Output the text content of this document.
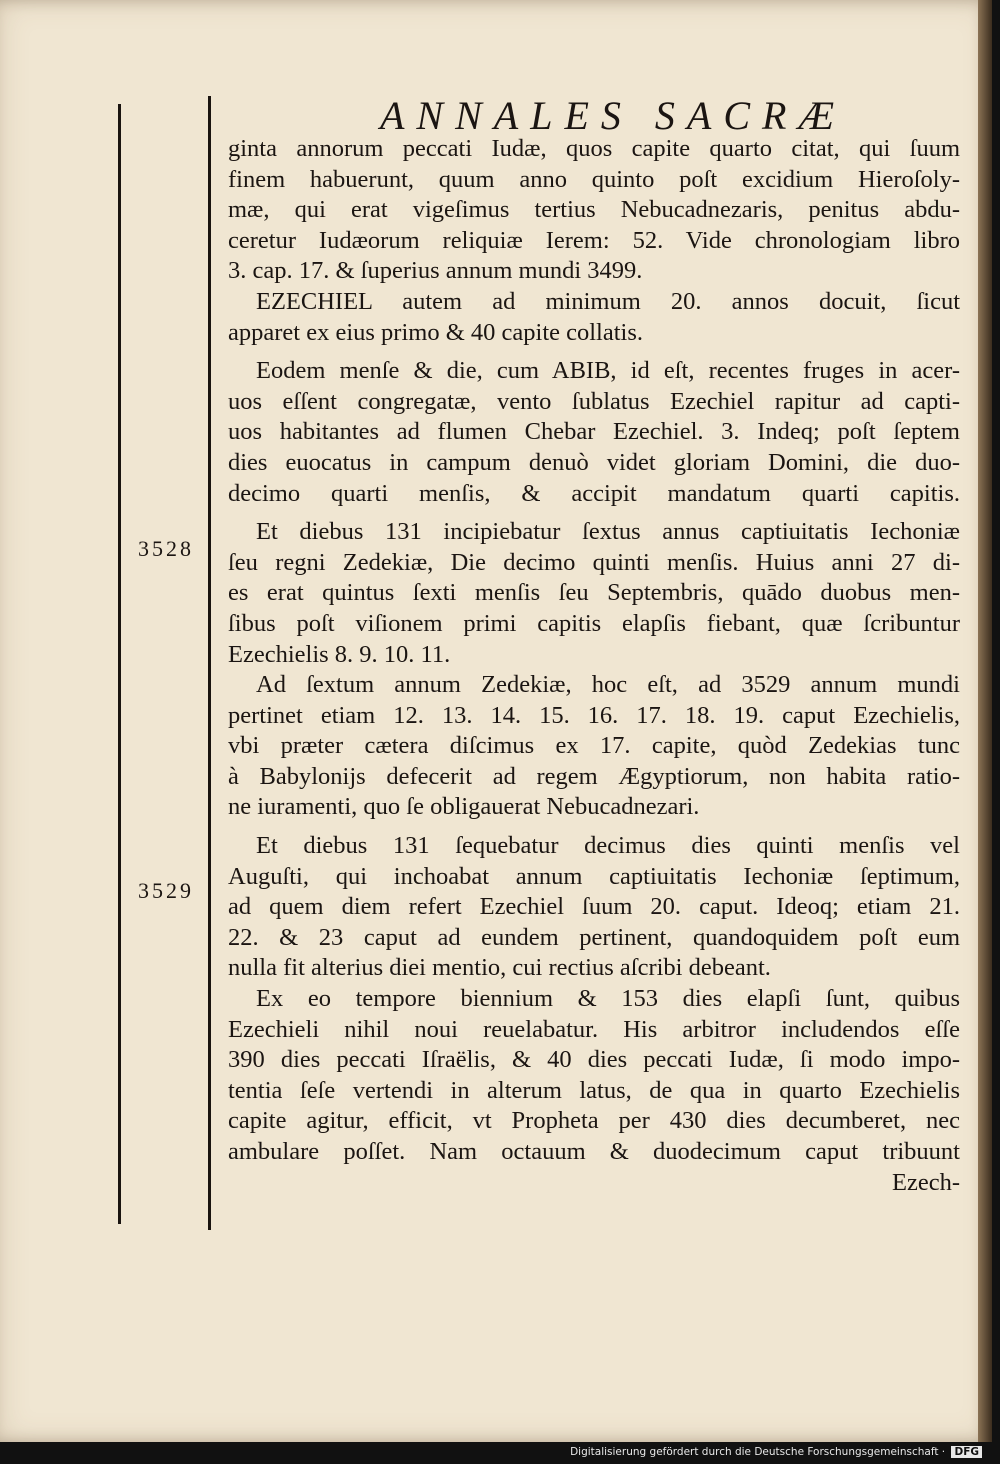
ANNALES SACRÆ
3528
3529
ginta annorum peccati Iudæ, quos capite quarto citat, qui ſuum
finem habuerunt, quum anno quinto poſt excidium Hieroſoly-
mæ, qui erat vigeſimus tertius Nebucadnezaris, penitus abdu-
ceretur Iudæorum reliquiæ Ierem: 52. Vide chronologiam libro
3. cap. 17. & ſuperius annum mundi 3499.
EZECHIEL autem ad minimum 20. annos docuit, ſicut
apparet ex eius primo & 40 capite collatis.
Eodem menſe & die, cum ABIB, id eſt, recentes fruges in acer-
uos eſſent congregatæ, vento ſublatus Ezechiel rapitur ad capti-
uos habitantes ad flumen Chebar Ezechiel. 3. Indeq; poſt ſeptem
dies euocatus in campum denuò videt gloriam Domini, die duo-
decimo quarti menſis, & accipit mandatum quarti capitis.
Et diebus 131 incipiebatur ſextus annus captiuitatis Iechoniæ
ſeu regni Zedekiæ, Die decimo quinti menſis. Huius anni 27 di-
es erat quintus ſexti menſis ſeu Septembris, quādo duobus men-
ſibus poſt viſionem primi capitis elapſis fiebant, quæ ſcribuntur
Ezechielis 8. 9. 10. 11.
Ad ſextum annum Zedekiæ, hoc eſt, ad 3529 annum mundi
pertinet etiam 12. 13. 14. 15. 16. 17. 18. 19. caput Ezechielis,
vbi præter cætera diſcimus ex 17. capite, quòd Zedekias tunc
à Babylonijs defecerit ad regem Ægyptiorum, non habita ratio-
ne iuramenti, quo ſe obligauerat Nebucadnezari.
Et diebus 131 ſequebatur decimus dies quinti menſis vel
Auguſti, qui inchoabat annum captiuitatis Iechoniæ ſeptimum,
ad quem diem refert Ezechiel ſuum 20. caput. Ideoq; etiam 21.
22. & 23 caput ad eundem pertinent, quandoquidem poſt eum
nulla fit alterius diei mentio, cui rectius aſcribi debeant.
Ex eo tempore biennium & 153 dies elapſi ſunt, quibus
Ezechieli nihil noui reuelabatur. His arbitror includendos eſſe
390 dies peccati Iſraëlis, & 40 dies peccati Iudæ, ſi modo impo-
tentia ſeſe vertendi in alterum latus, de qua in quarto Ezechielis
capite agitur, efficit, vt Propheta per 430 dies decumberet, nec
ambulare poſſet. Nam octauum & duodecimum caput tribuunt
Ezech-
Digitalisierung gefördert durch die Deutsche Forschungsgemeinschaft · DFG
